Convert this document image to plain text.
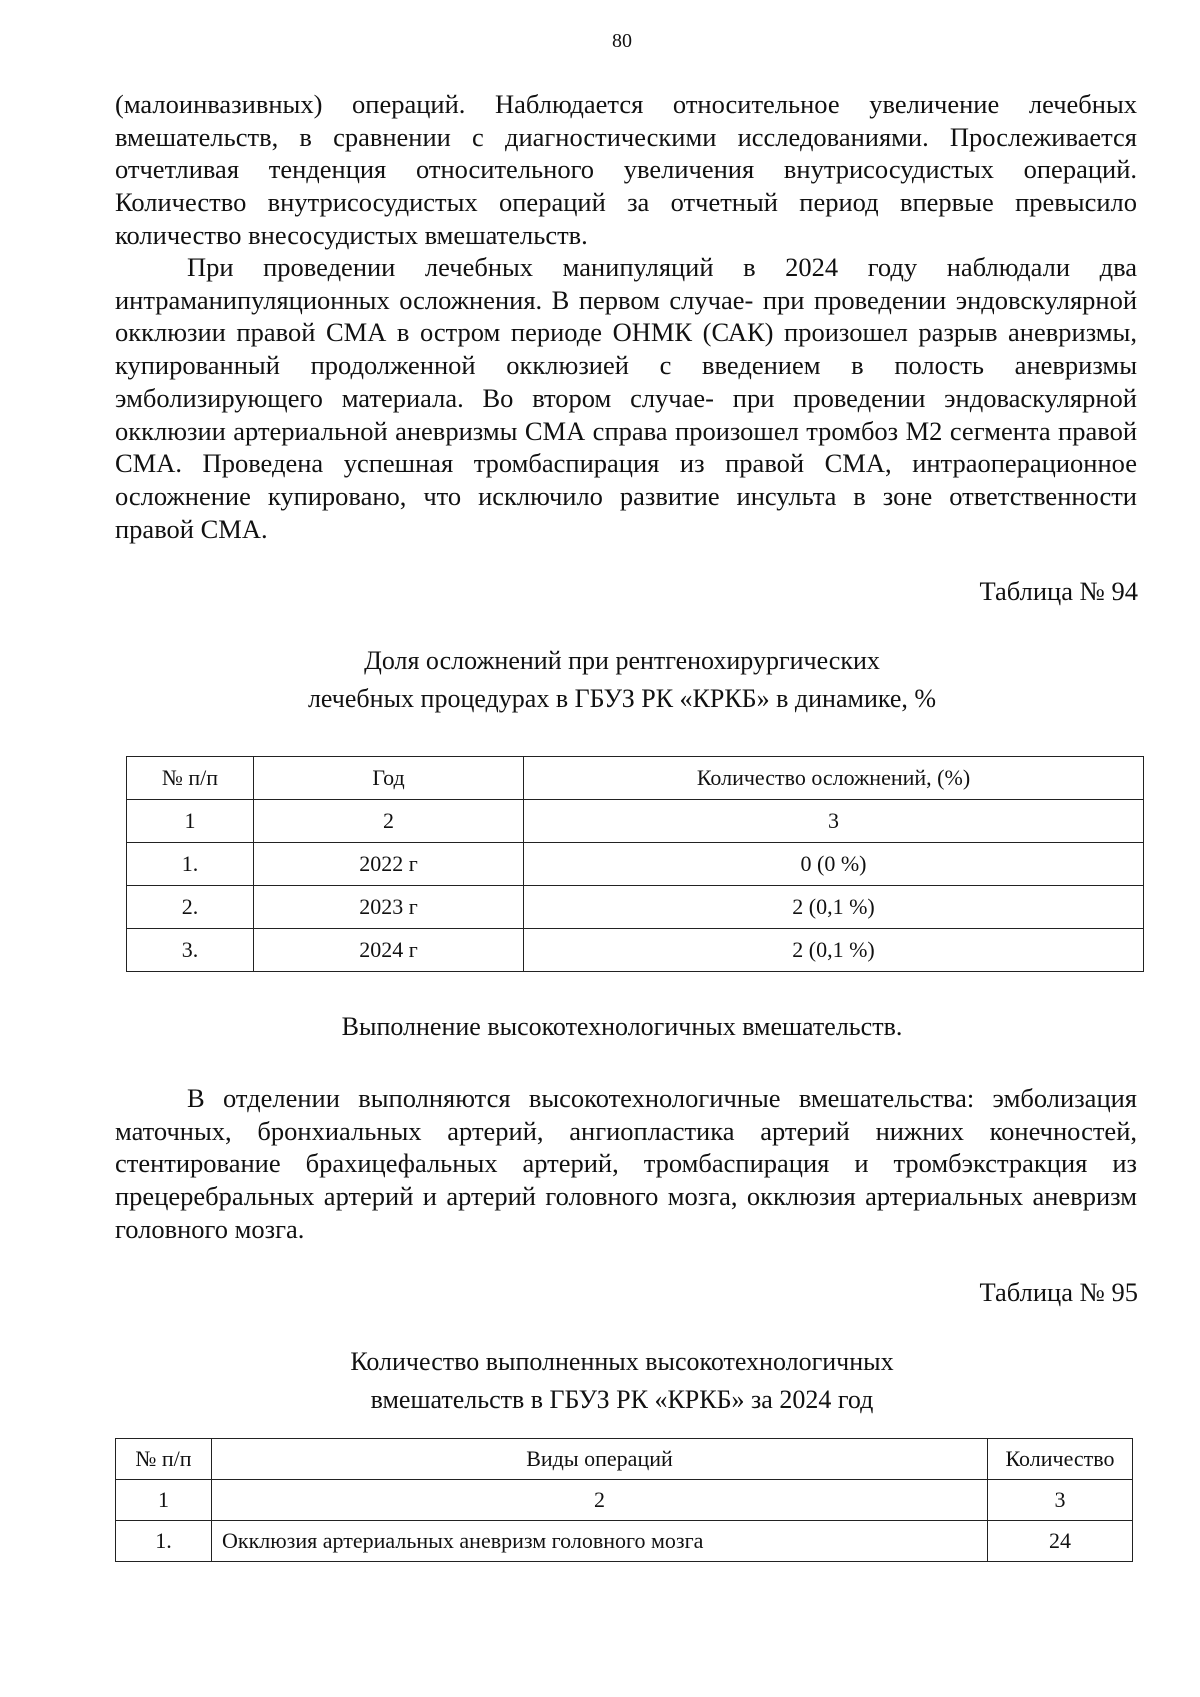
80

(малоинвазивных) операций. Наблюдается относительное увеличение лечебных вмешательств, в сравнении с диагностическими исследованиями. Прослеживается отчетливая тенденция относительного увеличения внутрисосудистых операций. Количество внутрисосудистых операций за отчетный период впервые превысило количество внесосудистых вмешательств.

При проведении лечебных манипуляций в 2024 году наблюдали два интраманипуляционных осложнения. В первом случае- при проведении эндовскулярной окклюзии правой СМА в остром периоде ОНМК (САК) произошел разрыв аневризмы, купированный продолженной окклюзией с введением в полость аневризмы эмболизирующего материала. Во втором случае- при проведении эндоваскулярной окклюзии артериальной аневризмы СМА справа произошел тромбоз М2 сегмента правой СМА. Проведена успешная тромбаспирация из правой СМА, интраоперационное осложнение купировано, что исключило развитие инсульта в зоне ответственности правой СМА.

Таблица № 94
Доля осложнений при рентгенохирургических
лечебных процедурах в ГБУЗ РК «КРКБ» в динамике, %
№ п/п	Год	Количество осложнений, (%)
1	2	3
1.	2022 г	0 (0 %)
2.	2023 г	2 (0,1 %)
3.	2024 г	2 (0,1 %)
Выполнение высокотехнологичных вмешательств.

В отделении выполняются высокотехнологичные вмешательства: эмболизация маточных, бронхиальных артерий, ангиопластика артерий нижних конечностей, стентирование брахицефальных артерий, тромбаспирация и тромбэкстракция из прецеребральных артерий и артерий головного мозга, окклюзия артериальных аневризм головного мозга.

Таблица № 95
Количество выполненных высокотехнологичных
вмешательств в ГБУЗ РК «КРКБ» за 2024 год
№ п/п	Виды операций	Количество
1	2	3
1.	Окклюзия артериальных аневризм головного мозга	24
